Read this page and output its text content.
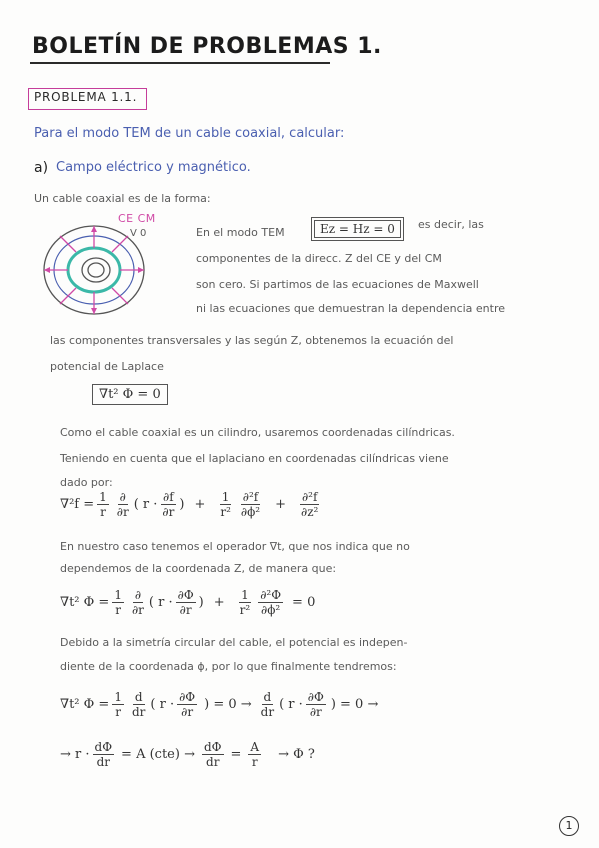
BOLETÍN DE PROBLEMAS 1.
PROBLEMA 1.1.
Para el modo TEM de un cable coaxial, calcular:
a) Campo eléctrico y magnético.
Un cable coaxial es de la forma:
CE CM
V 0	En el modo TEM	Ez = Hz = 0	es decir, las
componentes de la direcc. Z del CE y del CM
son cero. Si partimos de las ecuaciones de Maxwell
ni las ecuaciones que demuestran la dependencia entre
las componentes transversales y las según Z, obtenemos la ecuación del
potencial de Laplace
∇t² Φ = 0
Como el cable coaxial es un cilindro, usaremos coordenadas cilíndricas.
Teniendo en cuenta que el laplaciano en coordenadas cilíndricas viene
dado por:
$\nabla^2f = \frac{1}{r} \frac{\partial}{\partial r}$ ( $r \cdot \frac{\partial f}{\partial r}$ ) + $\frac{1}{\text{r²}} \frac{\text{∂²f}}{\text{∂ϕ²}} + \frac{\text{∂²f}}{\text{∂z²}}$
En nuestro caso tenemos el operador ∇t, que nos indica que no
dependemos de la coordenada Z, de manera que:
∇t² $\Phi = \frac{1}{r} \frac{\partial}{\partial r}$ ( $r \cdot \frac{\partial\Phi}{\partial r}$ ) + $\frac{1}{\text{r²}} \frac{\text{∂²Φ}}{\text{∂ϕ²}} = 0$
Debido a la simetría circular del cable, el potencial es indepen-
diente de la coordenada ϕ, por lo que finalmente tendremos:
∇t² $\Phi = \frac{1}{r} \frac{d}{dr}$ ( $r \cdot \frac{\partial\Phi}{\partial r}$ ) = $0 \to \frac{d}{dr}$ ( $r \cdot \frac{\partial\Phi}{\partial r}$ ) = 0 →
→ $r \cdot \frac{d\Phi}{dr} = A$ $(cte) \to \frac{d\Phi}{dr} = \frac{A}{r} \to \Phi$ ?
1
